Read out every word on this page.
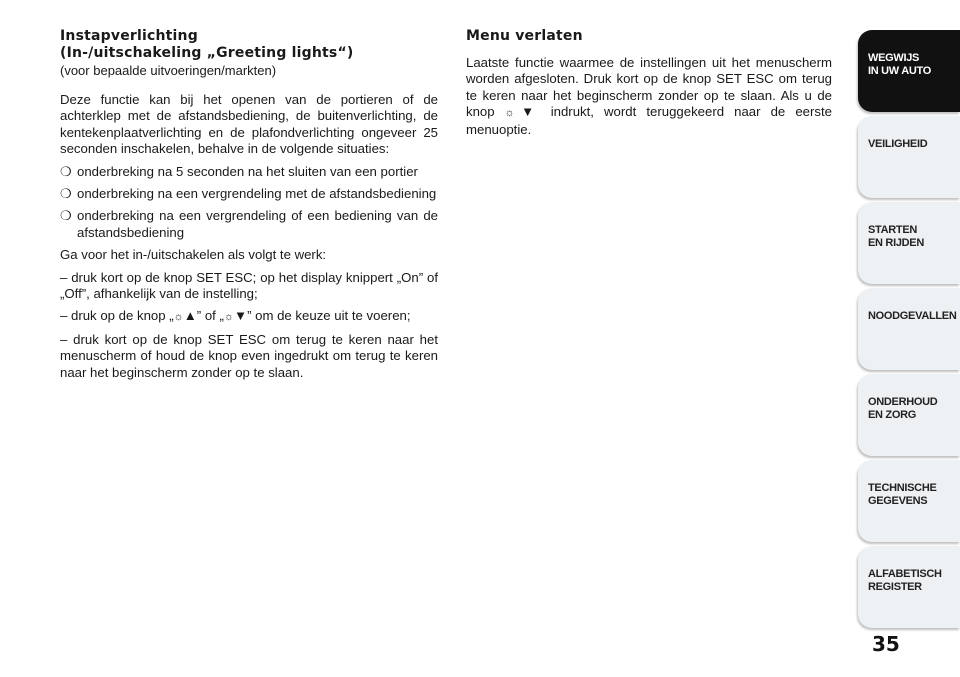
Instapverlichting
(In-/uitschakeling „Greeting lights“)
(voor bepaalde uitvoeringen/markten)

Deze functie kan bij het openen van de portieren of de achterklep met de afstandsbediening, de buitenverlichting, de kentekenplaatverlichting en de plafondverlichting ongeveer 25 seconden inschakelen, behalve in de volgende situaties:

❍ onderbreking na 5 seconden na het sluiten van een portier

❍ onderbreking na een vergrendeling met de afstandsbediening

❍ onderbreking na een vergrendeling of een bediening van de afstandsbediening

Ga voor het in-/uitschakelen als volgt te werk:

– druk kort op de knop SET ESC; op het display knippert „On” of „Off”, afhankelijk van de instelling;

– druk op de knop „☼▲” of „☼▼” om de keuze uit te voeren;

– druk kort op de knop SET ESC om terug te keren naar het menuscherm of houd de knop even ingedrukt om terug te keren naar het beginscherm zonder op te slaan.

Menu verlaten

Laatste functie waarmee de instellingen uit het menuscherm worden afgesloten. Druk kort op de knop SET ESC om terug te keren naar het beginscherm zonder op te slaan. Als u de knop ☼▼ indrukt, wordt teruggekeerd naar de eerste menuoptie.

WEGWIJS
IN UW AUTO
VEILIGHEID
STARTEN
EN RIJDEN
NOODGEVALLEN
ONDERHOUD
EN ZORG
TECHNISCHE
GEGEVENS
ALFABETISCH
REGISTER
35
